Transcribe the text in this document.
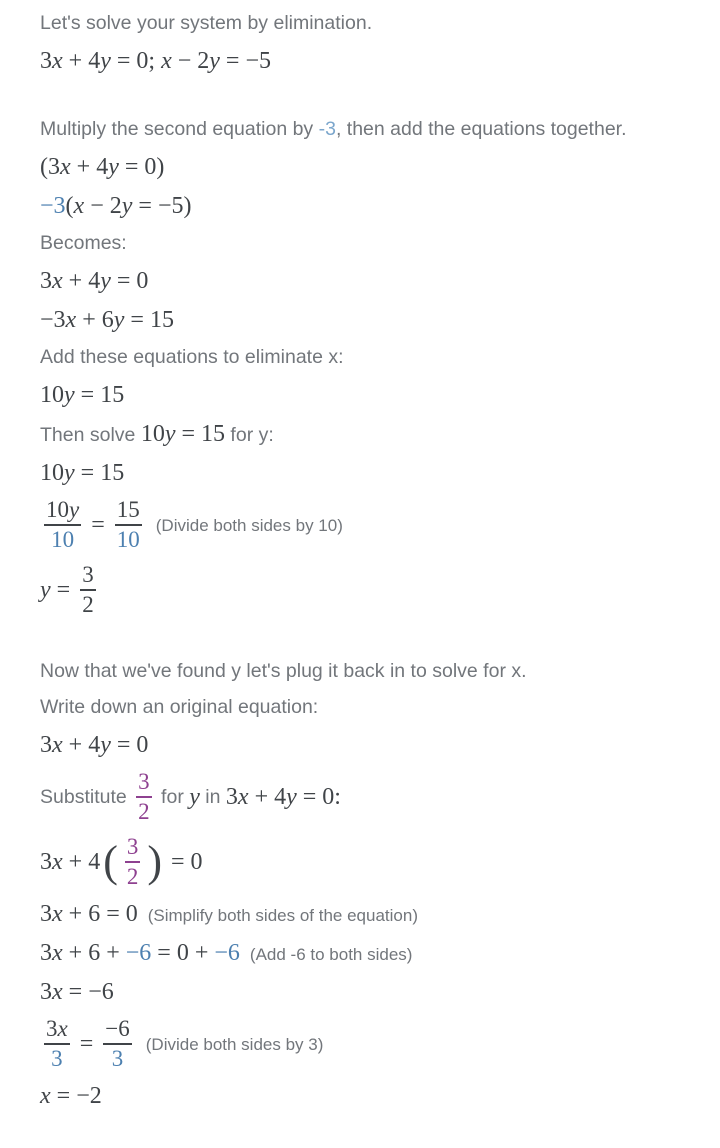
Let's solve your system by elimination.
3x + 4y = 0; x − 2y = −5
Multiply the second equation by -3 , then add the equations together.
(3x + 4y = 0)
−3 (x − 2y = −5)
Becomes:
3x + 4y = 0
−3x + 6y = 15
Add these equations to eliminate x:
10y = 15
Then solve 10y = 15 for y:
10y = 15
$\frac{10y}{10} = \frac{15}{10}$ (Divide both sides by 10)
$y = \frac{3}{2}$
Now that we've found y let's plug it back in to solve for x.
Write down an original equation:
3x + 4y = 0
Substitute $\frac{3}{2}$ for y in 3x + 4y = 0:
3x + 4 ( $\frac{3}{2}$ ) = 0
3x + 6 = 0 (Simplify both sides of the equation)
3x + 6 + −6 = 0 + −6 (Add -6 to both sides)
3x = −6
$\frac{3x}{3} = \frac{-6}{3}$ (Divide both sides by 3)
x = −2
